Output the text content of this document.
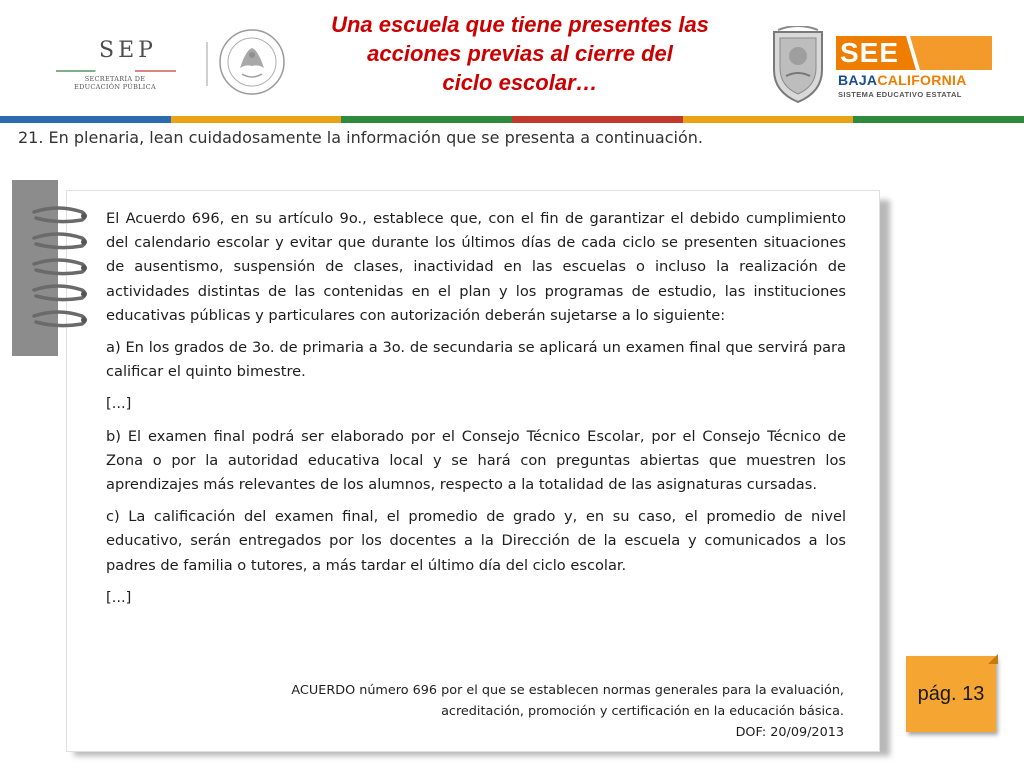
SEP
SECRETARÍA DE
EDUCACIÓN PÚBLICA
Una escuela que tiene presentes las
acciones previas al cierre del
ciclo escolar…
SEE
BAJACALIFORNIA
SISTEMA EDUCATIVO ESTATAL
21. En plenaria, lean cuidadosamente la información que se presenta a continuación.

El Acuerdo 696, en su artículo 9o., establece que, con el fin de garantizar el debido cumplimiento del calendario escolar y evitar que durante los últimos días de cada ciclo se presenten situaciones de ausentismo, suspensión de clases, inactividad en las escuelas o incluso la realización de actividades distintas de las contenidas en el plan y los programas de estudio, las instituciones educativas públicas y particulares con autorización deberán sujetarse a lo siguiente:

a) En los grados de 3o. de primaria a 3o. de secundaria se aplicará un examen final que servirá para calificar el quinto bimestre.

[...]

b) El examen final podrá ser elaborado por el Consejo Técnico Escolar, por el Consejo Técnico de Zona o por la autoridad educativa local y se hará con preguntas abiertas que muestren los aprendizajes más relevantes de los alumnos, respecto a la totalidad de las asignaturas cursadas.

c) La calificación del examen final, el promedio de grado y, en su caso, el promedio de nivel educativo, serán entregados por los docentes a la Dirección de la escuela y comunicados a los padres de familia o tutores, a más tardar el último día del ciclo escolar.

[...]

ACUERDO número 696 por el que se establecen normas generales para la evaluación,
acreditación, promoción y certificación en la educación básica.
DOF: 20/09/2013
pág. 13
